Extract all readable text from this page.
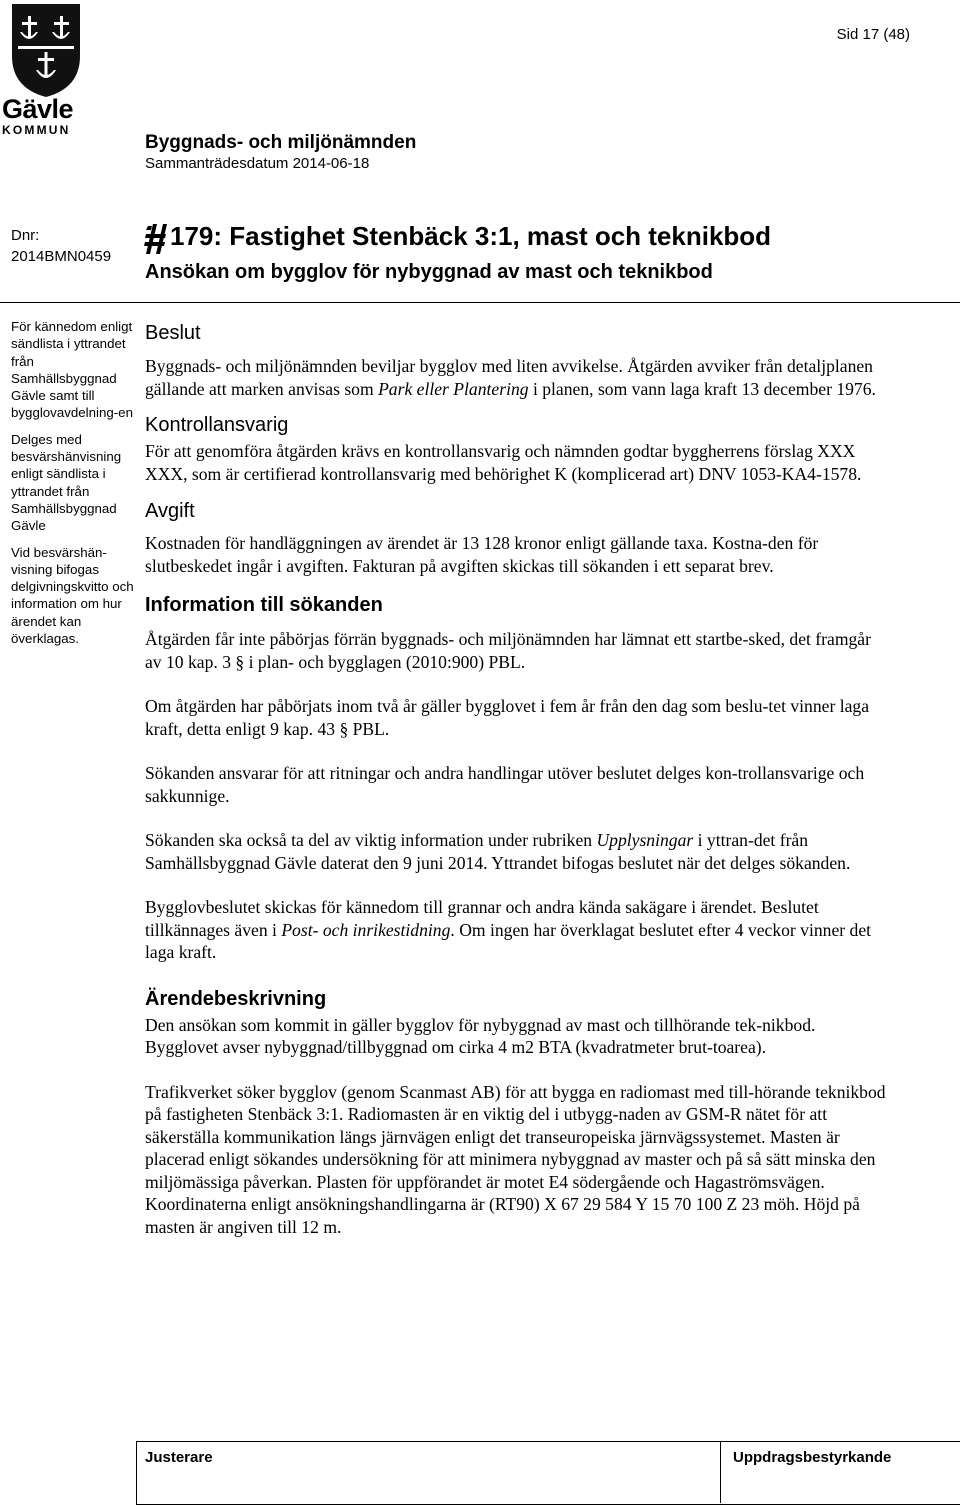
Gävle
KOMMUN
Sid 17 (48)
Byggnads- och miljönämnden
Sammanträdesdatum 2014-06-18
Dnr:
2014BMN0459
179: Fastighet Stenbäck 3:1, mast och teknikbod
Ansökan om bygglov för nybyggnad av mast och teknikbod

För kännedom enligt sändlista i yttrandet från Samhällsbyggnad Gävle samt till bygglovavdelning-en

Delges med besvärshänvisning enligt sändlista i yttrandet från Samhällsbyggnad Gävle

Vid besvärshän-visning bifogas delgivningskvitto och information om hur ärendet kan överklagas.

Beslut

Byggnads- och miljönämnden beviljar bygglov med liten avvikelse. Åtgärden avviker från detaljplanen gällande att marken anvisas som Park eller Plantering i planen, som vann laga kraft 13 december 1976.

Kontrollansvarig

För att genomföra åtgärden krävs en kontrollansvarig och nämnden godtar byggherrens förslag XXX XXX, som är certifierad kontrollansvarig med behörighet K (komplicerad art) DNV 1053-KA4-1578.

Avgift

Kostnaden för handläggningen av ärendet är 13 128 kronor enligt gällande taxa. Kostna-den för slutbeskedet ingår i avgiften. Fakturan på avgiften skickas till sökanden i ett separat brev.

Information till sökanden

Åtgärden får inte påbörjas förrän byggnads- och miljönämnden har lämnat ett startbe-sked, det framgår av 10 kap. 3 § i plan- och bygglagen (2010:900) PBL.

Om åtgärden har påbörjats inom två år gäller bygglovet i fem år från den dag som beslu-tet vinner laga kraft, detta enligt 9 kap. 43 § PBL.

Sökanden ansvarar för att ritningar och andra handlingar utöver beslutet delges kon-trollansvarige och sakkunnige.

Sökanden ska också ta del av viktig information under rubriken Upplysningar i yttran-det från Samhällsbyggnad Gävle daterat den 9 juni 2014. Yttrandet bifogas beslutet när det delges sökanden.

Bygglovbeslutet skickas för kännedom till grannar och andra kända sakägare i ärendet. Beslutet tillkännages även i Post- och inrikestidning. Om ingen har överklagat beslutet efter 4 veckor vinner det laga kraft.

Ärendebeskrivning

Den ansökan som kommit in gäller bygglov för nybyggnad av mast och tillhörande tek-nikbod. Bygglovet avser nybyggnad/tillbyggnad om cirka 4 m2 BTA (kvadratmeter brut-toarea).

Trafikverket söker bygglov (genom Scanmast AB) för att bygga en radiomast med till-hörande teknikbod på fastigheten Stenbäck 3:1. Radiomasten är en viktig del i utbygg-naden av GSM-R nätet för att säkerställa kommunikation längs järnvägen enligt det transeuropeiska järnvägssystemet. Masten är placerad enligt sökandes undersökning för att minimera nybyggnad av master och på så sätt minska den miljömässiga påverkan. Plasten för uppförandet är motet E4 södergående och Hagaströmsvägen. Koordinaterna enligt ansökningshandlingarna är (RT90) X 67 29 584 Y 15 70 100 Z 23 möh. Höjd på masten är angiven till 12 m.

Justerare	Uppdragsbestyrkande
